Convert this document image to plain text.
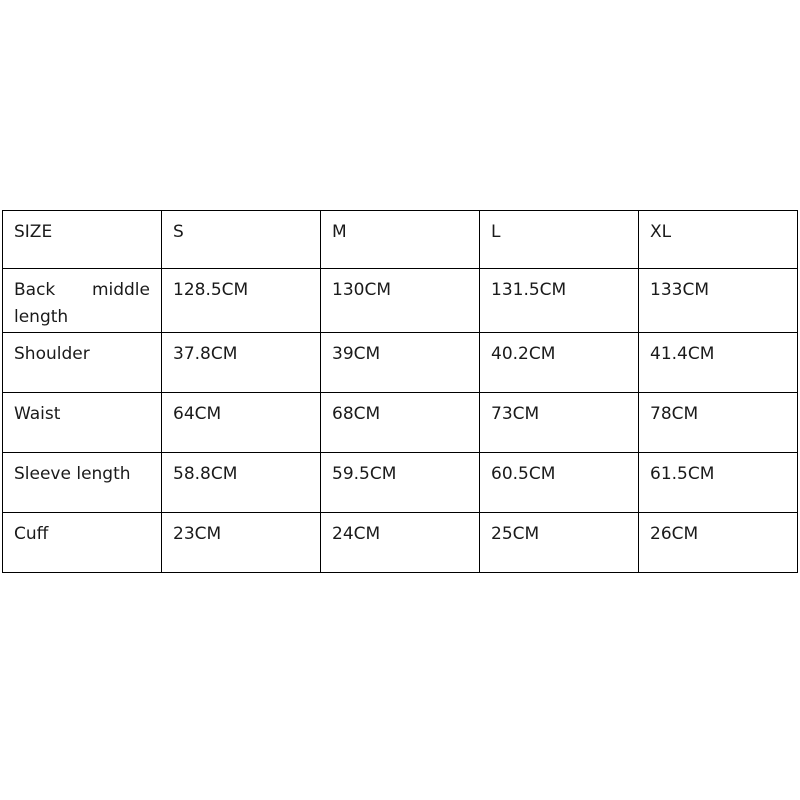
SIZE	S	M	L	XL
Back middle length	128.5CM	130CM	131.5CM	133CM
Shoulder	37.8CM	39CM	40.2CM	41.4CM
Waist	64CM	68CM	73CM	78CM
Sleeve length	58.8CM	59.5CM	60.5CM	61.5CM
Cuff	23CM	24CM	25CM	26CM
